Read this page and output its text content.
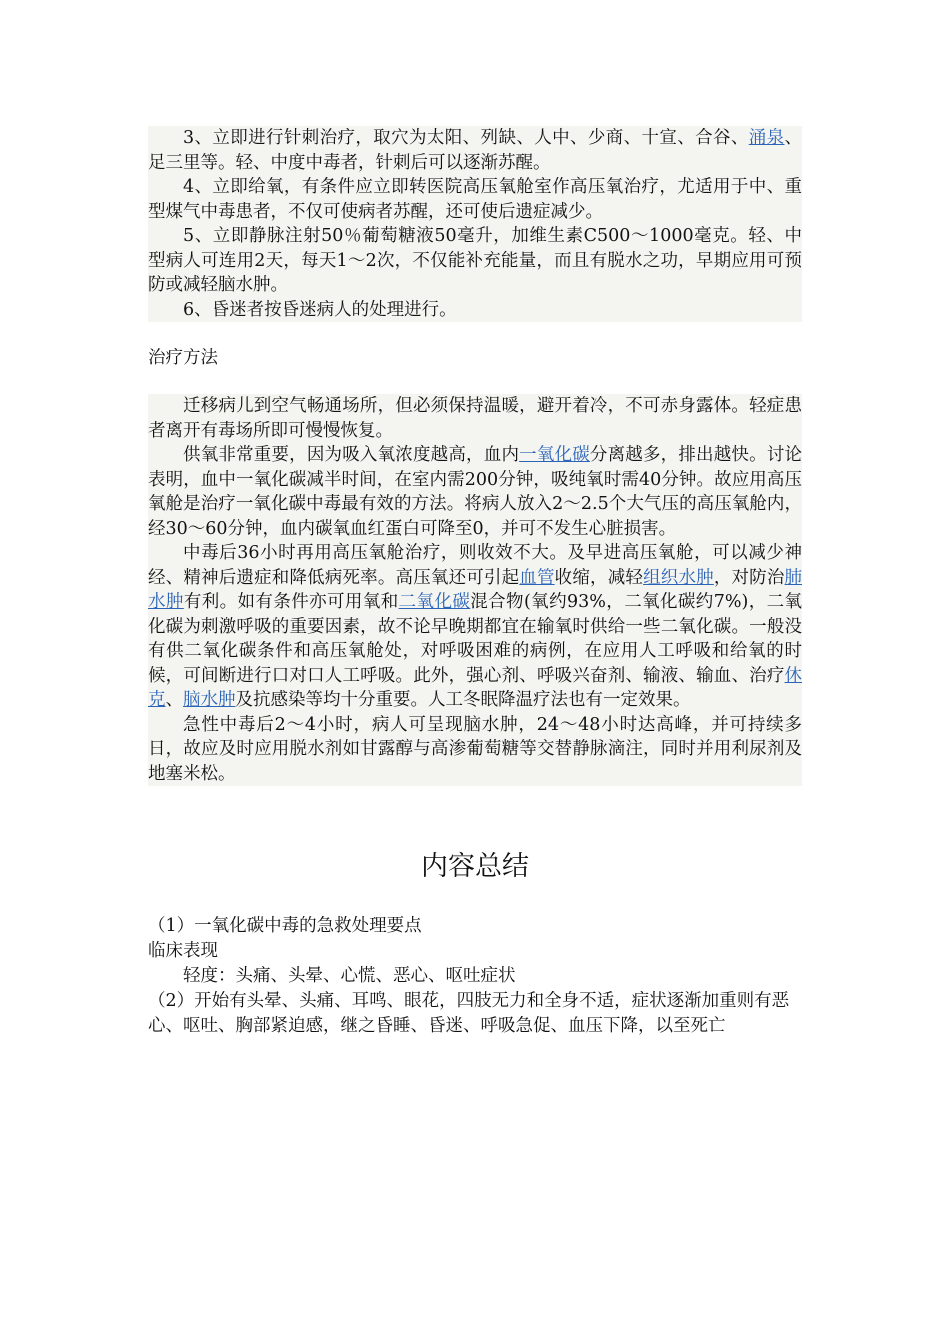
3、立即进行针刺治疗，取穴为太阳、列缺、人中、少商、十宣、合谷、涌泉、足三里等。轻、中度中毒者，针刺后可以逐渐苏醒。

4、立即给氧，有条件应立即转医院高压氧舱室作高压氧治疗，尤适用于中、重型煤气中毒患者，不仅可使病者苏醒，还可使后遗症减少。

5、立即静脉注射50％葡萄糖液50毫升，加维生素C500～1000毫克。轻、中型病人可连用2天，每天1～2次，不仅能补充能量，而且有脱水之功，早期应用可预防或减轻脑水肿。

6、昏迷者按昏迷病人的处理进行。

治疗方法

迁移病儿到空气畅通场所，但必须保持温暖，避开着冷，不可赤身露体。轻症患者离开有毒场所即可慢慢恢复。

供氧非常重要，因为吸入氧浓度越高，血内一氧化碳分离越多，排出越快。讨论表明，血中一氧化碳减半时间，在室内需200分钟，吸纯氧时需40分钟。故应用高压氧舱是治疗一氧化碳中毒最有效的方法。将病人放入2～2.5个大气压的高压氧舱内，经30～60分钟，血内碳氧血红蛋白可降至0，并可不发生心脏损害。

中毒后36小时再用高压氧舱治疗，则收效不大。及早进高压氧舱，可以减少神经、精神后遗症和降低病死率。高压氧还可引起血管收缩，减轻组织水肿，对防治肺水肿有利。如有条件亦可用氧和二氧化碳混合物(氧约93%，二氧化碳约7%)，二氧化碳为刺激呼吸的重要因素，故不论早晚期都宜在输氧时供给一些二氧化碳。一般没有供二氧化碳条件和高压氧舱处，对呼吸困难的病例，在应用人工呼吸和给氧的时候，可间断进行口对口人工呼吸。此外，强心剂、呼吸兴奋剂、输液、输血、治疗休克、脑水肿及抗感染等均十分重要。人工冬眠降温疗法也有一定效果。

急性中毒后2～4小时，病人可呈现脑水肿，24～48小时达高峰，并可持续多日，故应及时应用脱水剂如甘露醇与高渗葡萄糖等交替静脉滴注，同时并用利尿剂及地塞米松。

内容总结

（1）一氧化碳中毒的急救处理要点

临床表现

轻度：头痛、头晕、心慌、恶心、呕吐症状

（2）开始有头晕、头痛、耳鸣、眼花，四肢无力和全身不适，症状逐渐加重则有恶心、呕吐、胸部紧迫感，继之昏睡、昏迷、呼吸急促、血压下降，以至死亡
